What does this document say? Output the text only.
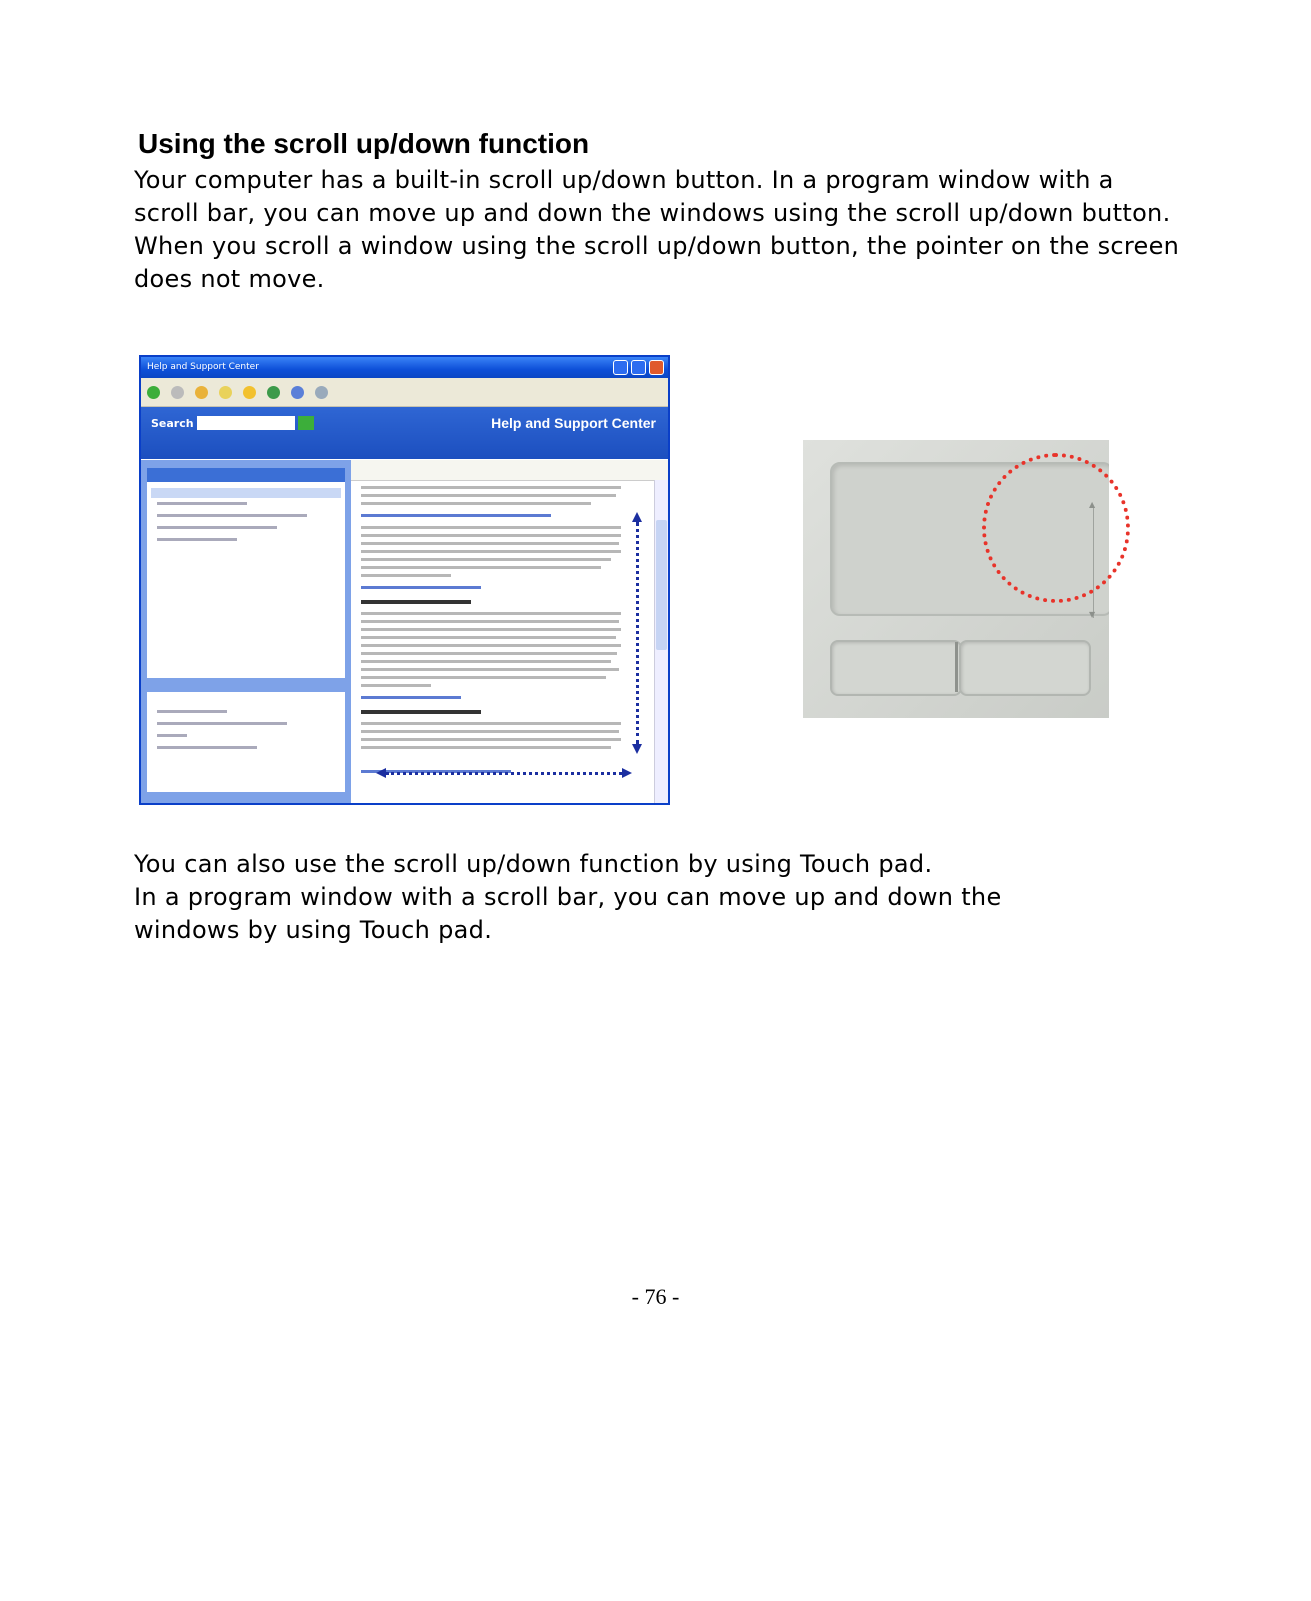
Using the scroll up/down function

Your computer has a built-in scroll up/down button. In a program window with a

scroll bar, you can move up and down the windows using the scroll up/down button.

When you scroll a window using the scroll up/down button, the pointer on the screen

does not move.

Help and Support Center
Search	Help and Support Center
▲
▼

You can also use the scroll up/down function by using Touch pad.

In a program window with a scroll bar, you can move up and down the

windows by using Touch pad.

- 76 -
